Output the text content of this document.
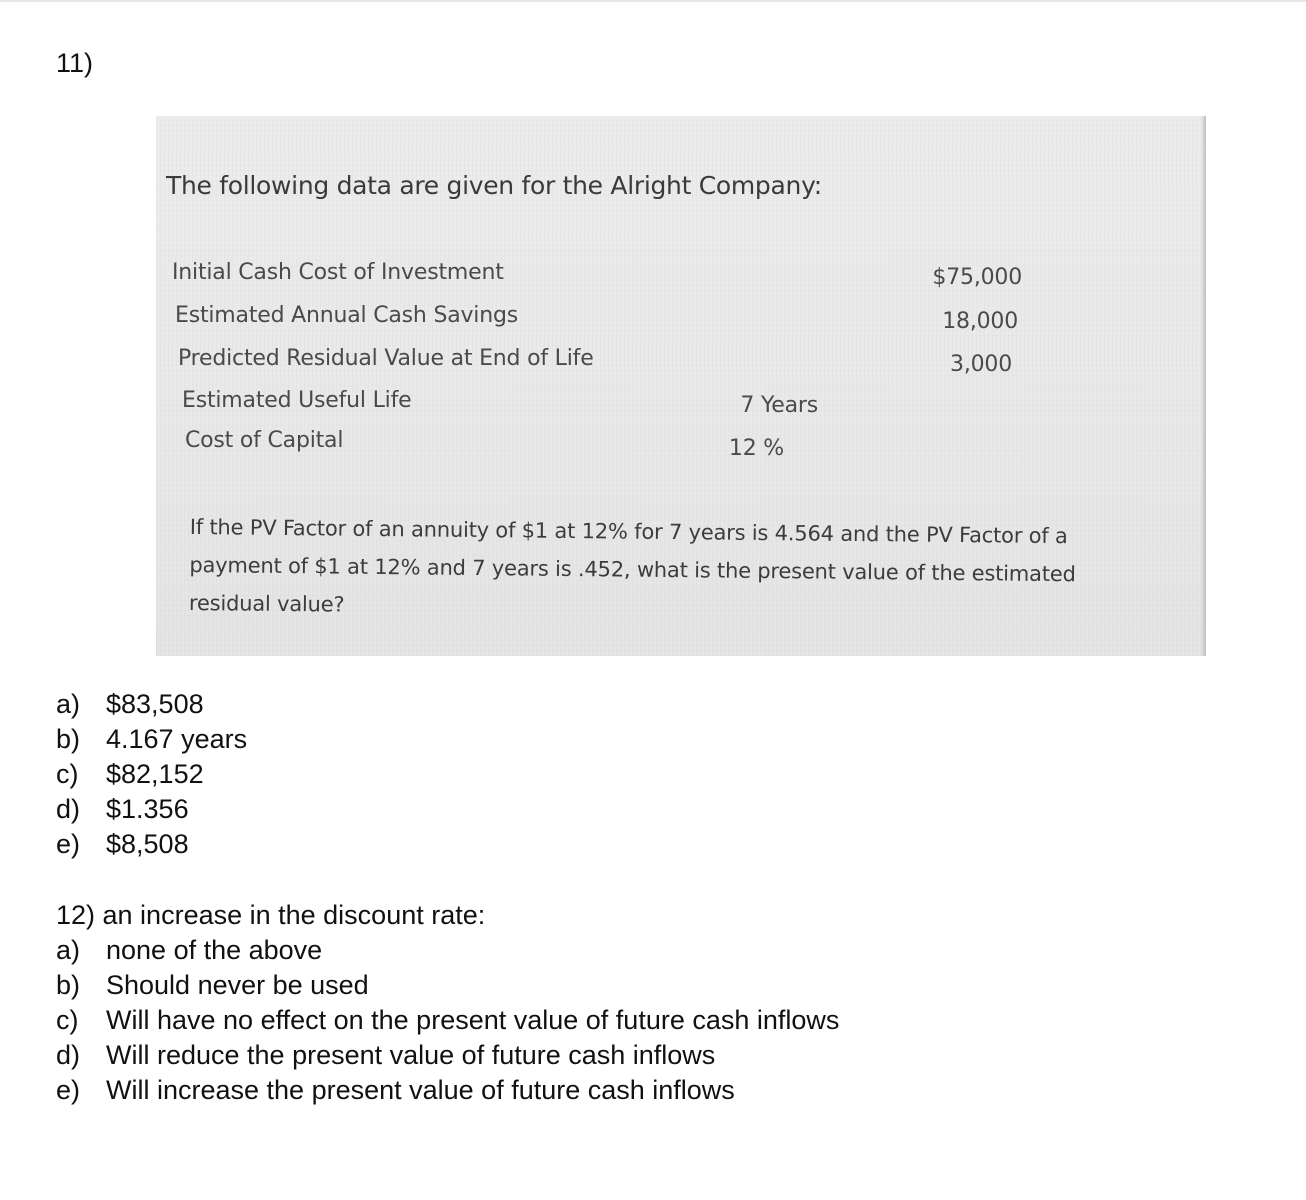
11)
The following data are given for the Alright Company:
Initial Cash Cost of Investment	$75,000
Estimated Annual Cash Savings	18,000
Predicted Residual Value at End of Life	3,000
Estimated Useful Life	7 Years
Cost of Capital	12 %
If the PV Factor of an annuity of $1 at 12% for 7 years is 4.564 and the PV Factor of a
payment of $1 at 12% and 7 years is .452, what is the present value of the estimated
residual value?
a) $83,508
b) 4.167 years
c)	$82,152
d) $1.356
e) $8,508
12) an increase in the discount rate:
a) none of the above
b) Should never be used
c)	Will have no effect on the present value of future cash inflows
d) Will reduce the present value of future cash inflows
e) Will increase the present value of future cash inflows
